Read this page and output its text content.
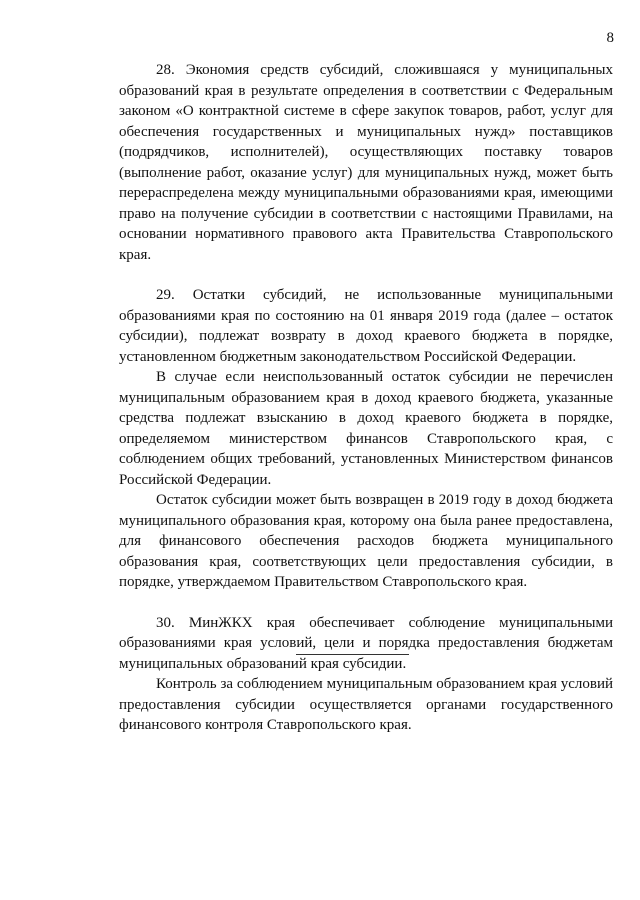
8

28. Экономия средств субсидий, сложившаяся у муниципальных образований края в результате определения в соответствии с Федеральным законом «О контрактной системе в сфере закупок товаров, работ, услуг для обеспечения государственных и муниципальных нужд» поставщиков (подрядчиков, исполнителей), осуществляющих поставку товаров (выполнение работ, оказание услуг) для муниципальных нужд, может быть перераспределена между муниципальными образованиями края, имеющими право на получение субсидии в соответствии с настоящими Правилами, на основании нормативного правового акта Правительства Ставропольского края.

29. Остатки субсидий, не использованные муниципальными образованиями края по состоянию на 01 января 2019 года (далее – остаток субсидии), подлежат возврату в доход краевого бюджета в порядке, установленном бюджетным законодательством Российской Федерации.

В случае если неиспользованный остаток субсидии не перечислен муниципальным образованием края в доход краевого бюджета, указанные средства подлежат взысканию в доход краевого бюджета в порядке, определяемом министерством финансов Ставропольского края, с соблюдением общих требований, установленных Министерством финансов Российской Федерации.

Остаток субсидии может быть возвращен в 2019 году в доход бюджета муниципального образования края, которому она была ранее предоставлена, для финансового обеспечения расходов бюджета муниципального образования края, соответствующих цели предоставления субсидии, в порядке, утверждаемом Правительством Ставропольского края.

30. МинЖКХ края обеспечивает соблюдение муниципальными образованиями края условий, цели и порядка предоставления бюджетам муниципальных образований края субсидии.

Контроль за соблюдением муниципальным образованием края условий предоставления субсидии осуществляется органами государственного финансового контроля Ставропольского края.
